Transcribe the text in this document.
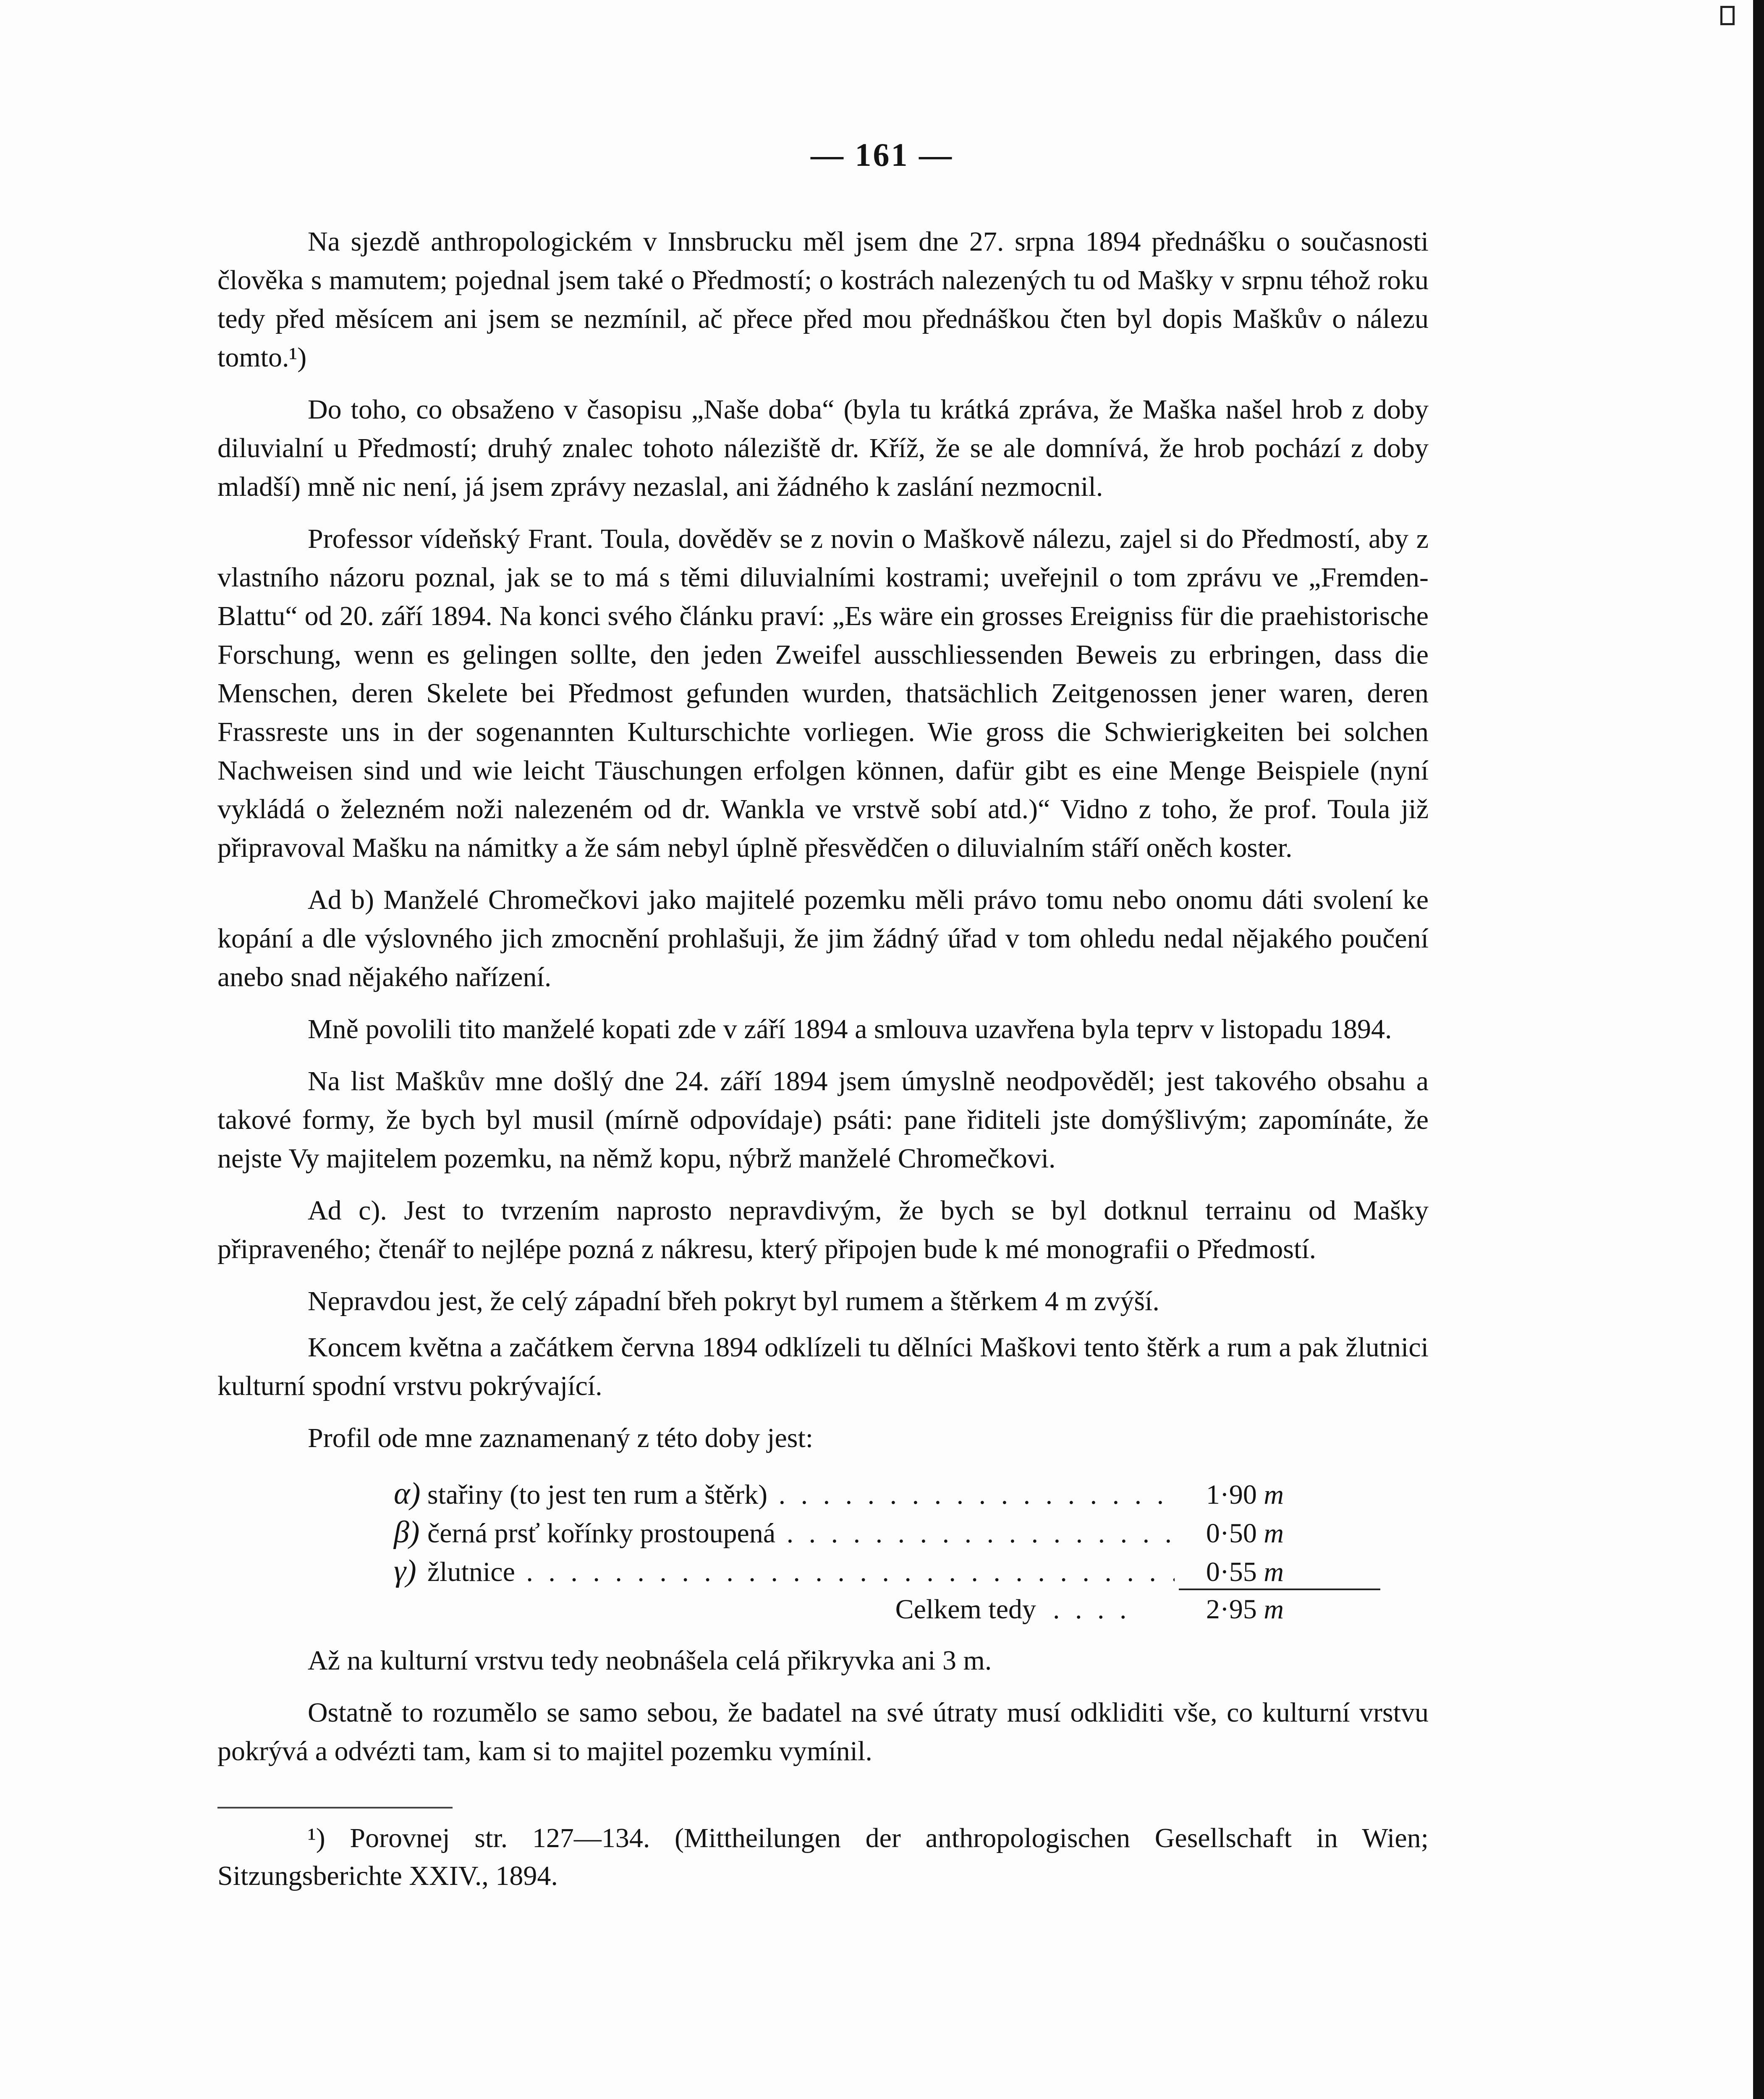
— 161 —

Na sjezdě anthropologickém v Innsbrucku měl jsem dne 27. srpna 1894 přednášku o současnosti člověka s mamutem; pojednal jsem také o Předmostí; o kostrách nalezených tu od Mašky v srpnu téhož roku tedy před měsícem ani jsem se nezmínil, ač přece před mou přednáškou čten byl dopis Maškův o nálezu tomto.¹)

Do toho, co obsaženo v časopisu „Naše doba“ (byla tu krátká zpráva, že Maška našel hrob z doby diluvialní u Předmostí; druhý znalec tohoto náleziště dr. Kříž, že se ale domnívá, že hrob pochází z doby mladší) mně nic není, já jsem zprávy nezaslal, ani žádného k zaslání nezmocnil.

Professor vídeňský Frant. Toula, dověděv se z novin o Maškově nálezu, zajel si do Předmostí, aby z vlastního názoru poznal, jak se to má s těmi diluvialními kostrami; uveřejnil o tom zprávu ve „Fremden-Blattu“ od 20. září 1894. Na konci svého článku praví: „Es wäre ein grosses Ereigniss für die praehistorische Forschung, wenn es gelingen sollte, den jeden Zweifel ausschliessenden Beweis zu erbringen, dass die Menschen, deren Skelete bei Předmost gefunden wurden, thatsächlich Zeitgenossen jener waren, deren Frassreste uns in der sogenannten Kulturschichte vorliegen. Wie gross die Schwierigkeiten bei solchen Nachweisen sind und wie leicht Täuschungen erfolgen können, dafür gibt es eine Menge Beispiele (nyní vykládá o železném noži nalezeném od dr. Wankla ve vrstvě sobí atd.)“ Vidno z toho, že prof. Toula již připravoval Mašku na námitky a že sám nebyl úplně přesvědčen o diluvialním stáří oněch koster.

Ad b) Manželé Chromečkovi jako majitelé pozemku měli právo tomu nebo onomu dáti svolení ke kopání a dle výslovného jich zmocnění prohlašuji, že jim žádný úřad v tom ohledu nedal nějakého poučení anebo snad nějakého nařízení.

Mně povolili tito manželé kopati zde v září 1894 a smlouva uzavřena byla teprv v listopadu 1894.

Na list Maškův mne došlý dne 24. září 1894 jsem úmyslně neodpověděl; jest takového obsahu a takové formy, že bych byl musil (mírně odpovídaje) psáti: pane řiditeli jste domýšlivým; zapomínáte, že nejste Vy majitelem pozemku, na němž kopu, nýbrž manželé Chromečkovi.

Ad c). Jest to tvrzením naprosto nepravdivým, že bych se byl dotknul terrainu od Mašky připraveného; čtenář to nejlépe pozná z nákresu, který připojen bude k mé monografii o Předmostí.

Nepravdou jest, že celý západní břeh pokryt byl rumem a štěrkem 4 m zvýší.

Koncem května a začátkem června 1894 odklízeli tu dělníci Maškovi tento štěrk a rum a pak žlutnici kulturní spodní vrstvu pokrývající.

Profil ode mne zaznamenaný z této doby jest:

α) stařiny (to jest ten rum a štěrk) . . .	1·90 m
β) černá prsť kořínky prostoupená . . .	0·50 m
γ) žlutnice . . .	0·55 m
Celkem tedy . . . .	2·95 m

Až na kulturní vrstvu tedy neobnášela celá přikryvka ani 3 m.

Ostatně to rozumělo se samo sebou, že badatel na své útraty musí odkliditi vše, co kulturní vrstvu pokrývá a odvézti tam, kam si to majitel pozemku vymínil.

¹) Porovnej str. 127—134. (Mittheilungen der anthropologischen Gesellschaft in Wien; Sitzungsberichte XXIV., 1894.
